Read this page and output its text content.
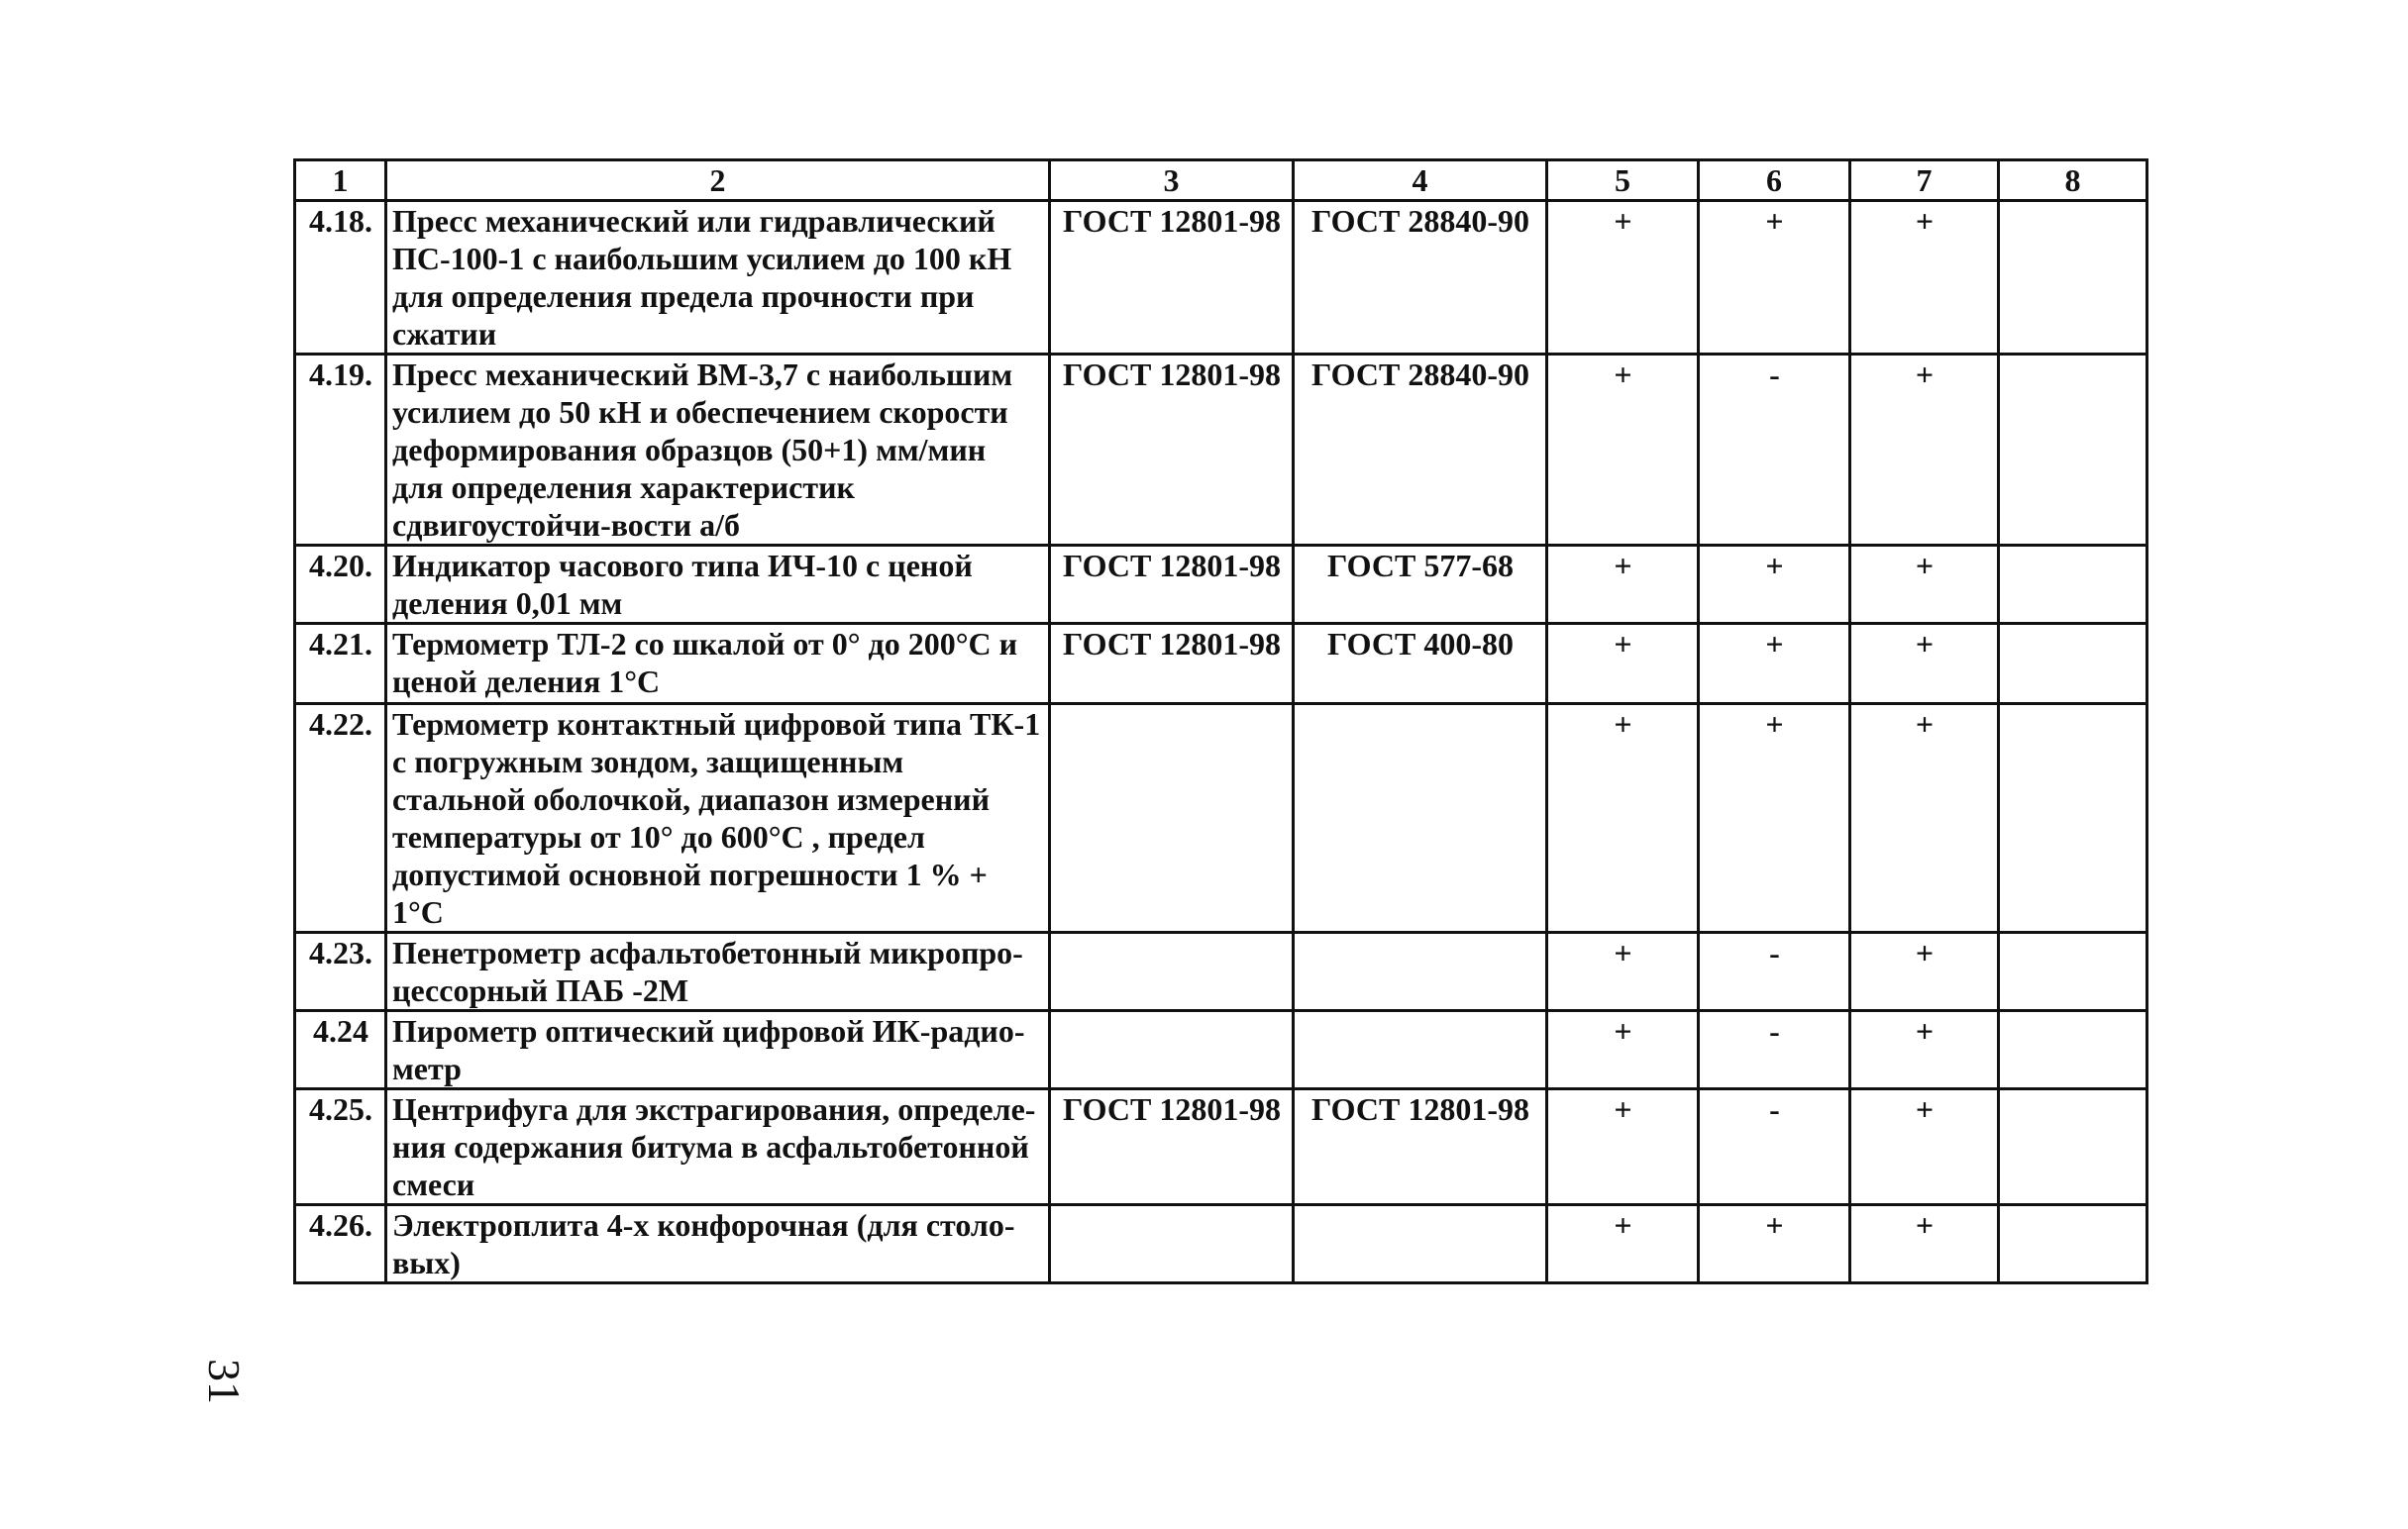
1	2	3	4	5	6	7	8
4.18.	Пресс механический или гидравлический ПС-100-1 с наибольшим усилием до 100 кН для определения предела прочности при сжатии	ГОСТ 12801-98	ГОСТ 28840-90	+	+	+	
4.19.	Пресс механический ВМ-3,7 с наибольшим усилием до 50 кН и обеспечением скорости деформирования образцов (50+1) мм/мин для определения характеристик сдвигоустойчи-вости а/б	ГОСТ 12801-98	ГОСТ 28840-90	+	-	+	
4.20.	Индикатор часового типа ИЧ-10 с ценой деления 0,01 мм	ГОСТ 12801-98	ГОСТ 577-68	+	+	+	
4.21.	Термометр ТЛ-2 со шкалой от 0° до 200°С и ценой деления 1°С	ГОСТ 12801-98	ГОСТ 400-80	+	+	+	
4.22.	Термометр контактный цифровой типа ТК-1 с погружным зондом, защищенным стальной оболочкой, диапазон измерений температуры от 10° до 600°С , предел допустимой основной погрешности 1 % + 1°С			+	+	+	
4.23.	Пенетрометр асфальтобетонный микропро-цессорный ПАБ -2М			+	-	+	
4.24	Пирометр оптический цифровой ИК-радио-метр			+	-	+	
4.25.	Центрифуга для экстрагирования, определе-ния содержания битума в асфальтобетонной смеси	ГОСТ 12801-98	ГОСТ 12801-98	+	-	+	
4.26.	Электроплита 4-х конфорочная (для столо-вых)			+	+	+	
31
